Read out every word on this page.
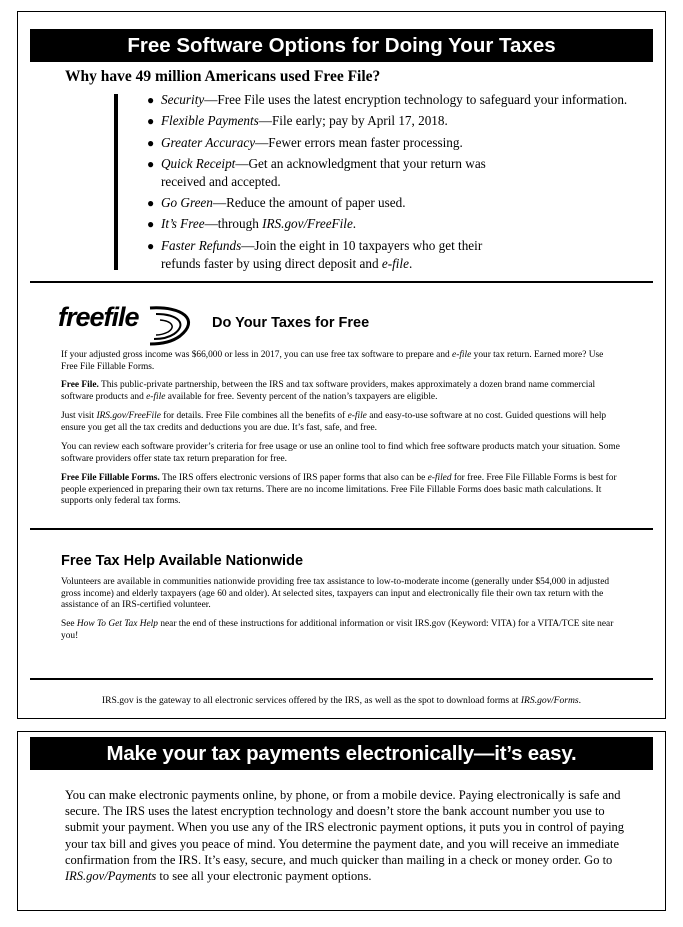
Free Software Options for Doing Your Taxes
Why have 49 million Americans used Free File?
● Security—Free File uses the latest encryption technology to safeguard your information.
● Flexible Payments—File early; pay by April 17, 2018.
● Greater Accuracy—Fewer errors mean faster processing.
● Quick Receipt—Get an acknowledgment that your return was received and accepted.
● Go Green—Reduce the amount of paper used.
● It’s Free—through IRS.gov/FreeFile.
● Faster Refunds—Join the eight in 10 taxpayers who get their refunds faster by using direct deposit and e-file.
freefile	Do Your Taxes for Free
If your adjusted gross income was $66,000 or less in 2017, you can use free tax software to prepare and e-file your tax return. Earned more? Use Free File Fillable Forms.
Free File. This public-private partnership, between the IRS and tax software providers, makes approximately a dozen brand name commercial software products and e-file available for free. Seventy percent of the nation’s taxpayers are eligible.
Just visit IRS.gov/FreeFile for details. Free File combines all the benefits of e-file and easy-to-use software at no cost. Guided questions will help ensure you get all the tax credits and deductions you are due. It’s fast, safe, and free.
You can review each software provider’s criteria for free usage or use an online tool to find which free software products match your situation. Some software providers offer state tax return preparation for free.
Free File Fillable Forms. The IRS offers electronic versions of IRS paper forms that also can be e-filed for free. Free File Fillable Forms is best for people experienced in preparing their own tax returns. There are no income limitations. Free File Fillable Forms does basic math calculations. It supports only federal tax forms.
Free Tax Help Available Nationwide
Volunteers are available in communities nationwide providing free tax assistance to low-to-moderate income (generally under $54,000 in adjusted gross income) and elderly taxpayers (age 60 and older). At selected sites, taxpayers can input and electronically file their own tax return with the assistance of an IRS-certified volunteer.
See How To Get Tax Help near the end of these instructions for additional information or visit IRS.gov (Keyword: VITA) for a VITA/TCE site near you!
IRS.gov is the gateway to all electronic services offered by the IRS, as well as the spot to download forms at IRS.gov/Forms.
Make your tax payments electronically—it’s easy.
You can make electronic payments online, by phone, or from a mobile device. Paying electronically is safe and secure. The IRS uses the latest encryption technology and doesn’t store the bank account number you use to submit your payment. When you use any of the IRS electronic payment options, it puts you in control of paying your tax bill and gives you peace of mind. You determine the payment date, and you will receive an immediate confirmation from the IRS. It’s easy, secure, and much quicker than mailing in a check or money order. Go to IRS.gov/Payments to see all your electronic payment options.
